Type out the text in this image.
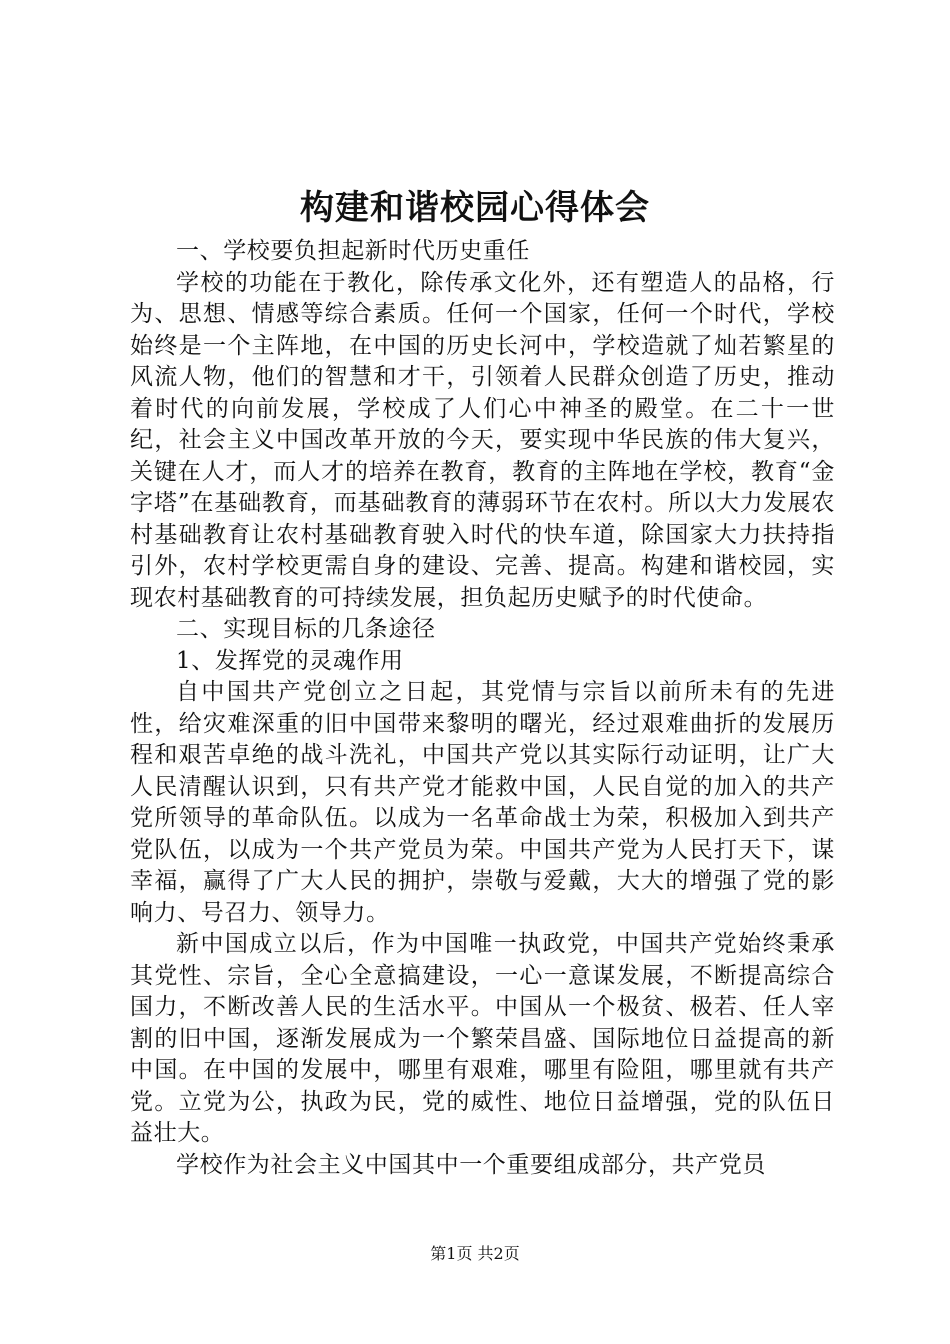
构建和谐校园心得体会

一、学校要负担起新时代历史重任

学校的功能在于教化，除传承文化外，还有塑造人的品格，行为、思想、情感等综合素质。任何一个国家，任何一个时代，学校始终是一个主阵地，在中国的历史长河中，学校造就了灿若繁星的风流人物，他们的智慧和才干，引领着人民群众创造了历史，推动着时代的向前发展，学校成了人们心中神圣的殿堂。在二十一世纪，社会主义中国改革开放的今天，要实现中华民族的伟大复兴，关键在人才，而人才的培养在教育，教育的主阵地在学校，教育“金字塔”在基础教育，而基础教育的薄弱环节在农村。所以大力发展农村基础教育让农村基础教育驶入时代的快车道，除国家大力扶持指引外，农村学校更需自身的建设、完善、提高。构建和谐校园，实现农村基础教育的可持续发展，担负起历史赋予的时代使命。

二、实现目标的几条途径

1、发挥党的灵魂作用

自中国共产党创立之日起，其党情与宗旨以前所未有的先进性，给灾难深重的旧中国带来黎明的曙光，经过艰难曲折的发展历程和艰苦卓绝的战斗洗礼，中国共产党以其实际行动证明，让广大人民清醒认识到，只有共产党才能救中国，人民自觉的加入的共产党所领导的革命队伍。以成为一名革命战士为荣，积极加入到共产党队伍，以成为一个共产党员为荣。中国共产党为人民打天下，谋幸福，赢得了广大人民的拥护，崇敬与爱戴，大大的增强了党的影响力、号召力、领导力。

新中国成立以后，作为中国唯一执政党，中国共产党始终秉承其党性、宗旨，全心全意搞建设，一心一意谋发展，不断提高综合国力，不断改善人民的生活水平。中国从一个极贫、极若、任人宰割的旧中国，逐渐发展成为一个繁荣昌盛、国际地位日益提高的新中国。在中国的发展中，哪里有艰难，哪里有险阻，哪里就有共产党。立党为公，执政为民，党的威性、地位日益增强，党的队伍日益壮大。

学校作为社会主义中国其中一个重要组成部分，共产党员

第1页 共2页
